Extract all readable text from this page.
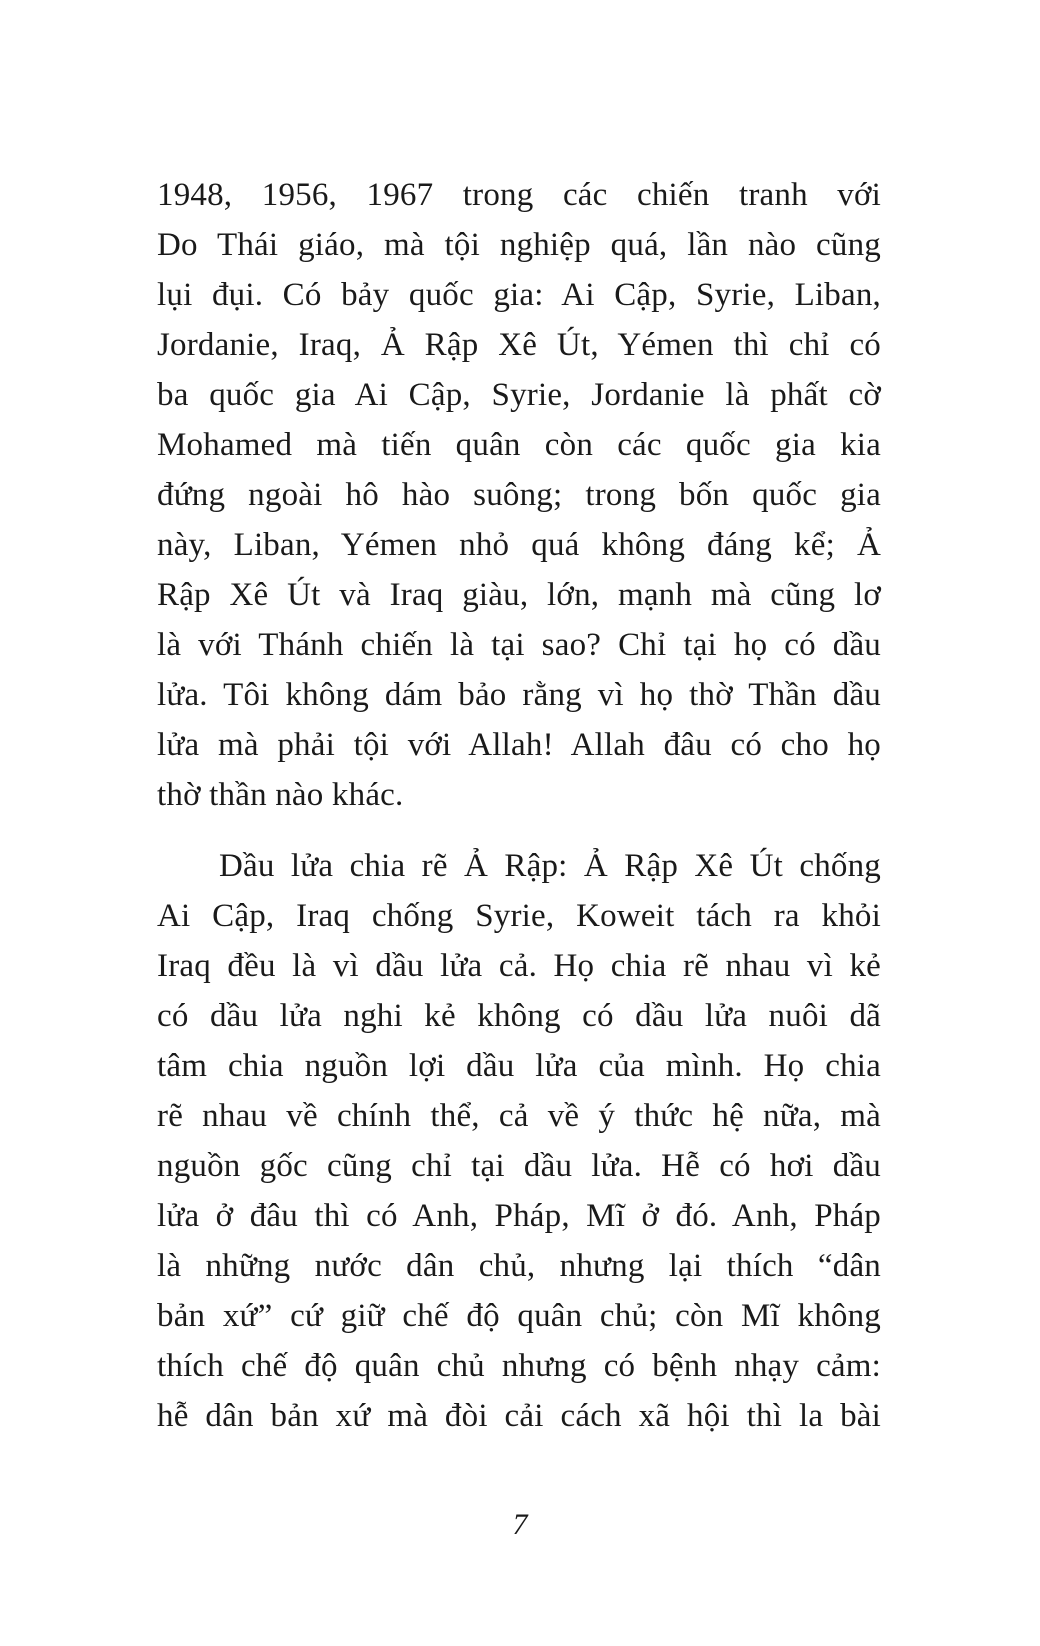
1948, 1956, 1967 trong các chiến tranh với
Do Thái giáo, mà tội nghiệp quá, lần nào cũng
lụi đụi. Có bảy quốc gia: Ai Cập, Syrie, Liban,
Jordanie, Iraq, Ả Rập Xê Út, Yémen thì chỉ có
ba quốc gia Ai Cập, Syrie, Jordanie là phất cờ
Mohamed mà tiến quân còn các quốc gia kia
đứng ngoài hô hào suông; trong bốn quốc gia
này, Liban, Yémen nhỏ quá không đáng kể; Ả
Rập Xê Út và Iraq giàu, lớn, mạnh mà cũng lơ
là với Thánh chiến là tại sao? Chỉ tại họ có dầu
lửa. Tôi không dám bảo rằng vì họ thờ Thần dầu
lửa mà phải tội với Allah! Allah đâu có cho họ
thờ thần nào khác.
Dầu lửa chia rẽ Ả Rập: Ả Rập Xê Út chống
Ai Cập, Iraq chống Syrie, Koweit tách ra khỏi
Iraq đều là vì dầu lửa cả. Họ chia rẽ nhau vì kẻ
có dầu lửa nghi kẻ không có dầu lửa nuôi dã
tâm chia nguồn lợi dầu lửa của mình. Họ chia
rẽ nhau về chính thể, cả về ý thức hệ nữa, mà
nguồn gốc cũng chỉ tại dầu lửa. Hễ có hơi dầu
lửa ở đâu thì có Anh, Pháp, Mĩ ở đó. Anh, Pháp
là những nước dân chủ, nhưng lại thích “dân
bản xứ” cứ giữ chế độ quân chủ; còn Mĩ không
thích chế độ quân chủ nhưng có bệnh nhạy cảm:
hễ dân bản xứ mà đòi cải cách xã hội thì la bài
7
